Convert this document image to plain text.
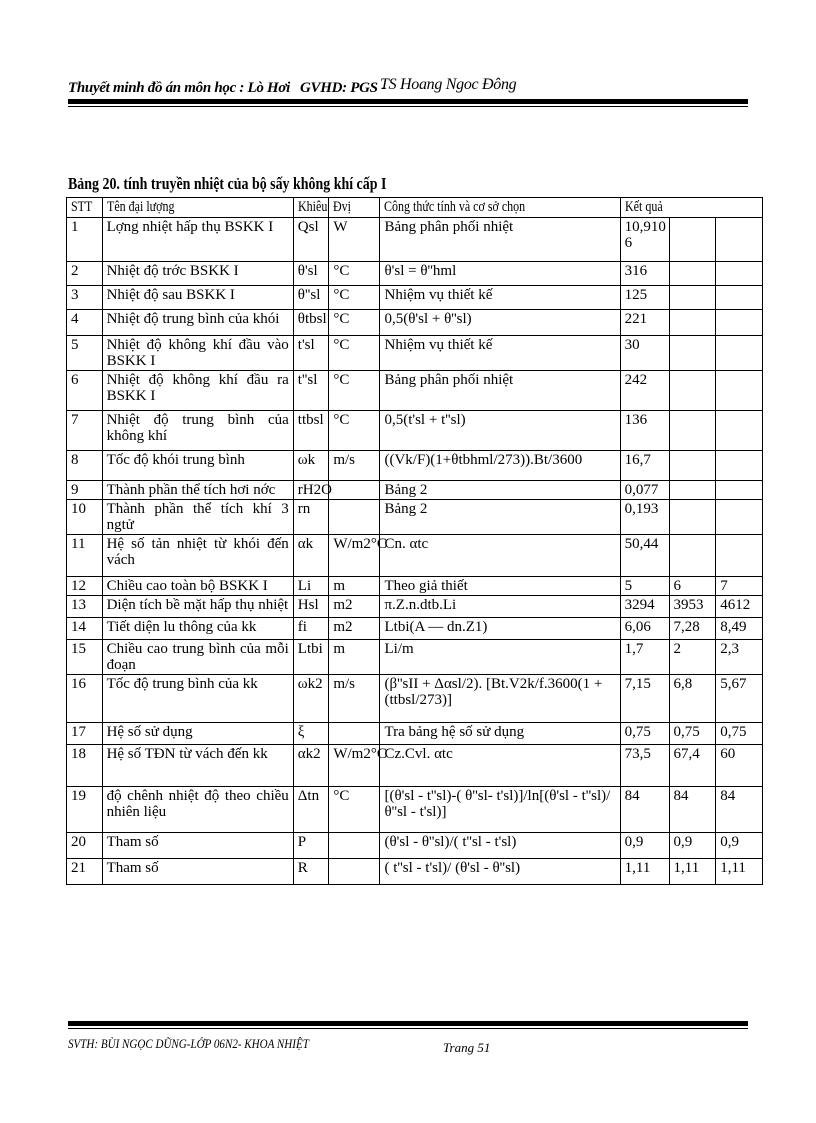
Thuyết minh đồ án môn học : Lò Hơi GVHD: PGS -
TS Hoang Ngoc Đông
Bảng 20. tính truyền nhiệt của bộ sấy không khí cấp I
STT	Tên đại lượng	Khiêu	Đvị	Công thức tính và cơ sở chọn	Kết quả		
1	Lợng nhiệt hấp thụ BSKK I	Qsl	W	Bảng phân phối nhiệt	10,910 6		
2	Nhiệt độ trớc BSKK I	θ'sl	°C	θ'sl = θ''hml	316		
3	Nhiệt độ sau BSKK I	θ''sl	°C	Nhiệm vụ thiết kế	125		
4	Nhiệt độ trung bình của khói	θtbsl	°C	0,5(θ'sl + θ''sl)	221		
5	Nhiệt độ không khí đầu vào BSKK I	t'sl	°C	Nhiệm vụ thiết kế	30		
6	Nhiệt độ không khí đầu ra BSKK I	t''sl	°C	Bảng phân phối nhiệt	242		
7	Nhiệt độ trung bình của không khí	ttbsl	°C	0,5(t'sl + t''sl)	136		
8	Tốc độ khói trung bình	ωk	m/s	((Vk/F)(1+θtbhml/273)).Bt/3600	16,7		
9	Thành phần thể tích hơi nớc	rH2O		Bảng 2	0,077		
10	Thành phần thể tích khí 3 ngtử	rn		Bảng 2	0,193		
11	Hệ số tản nhiệt từ khói đến vách	αk	W/m2°C	Cn. αtc	50,44		
12	Chiều cao toàn bộ BSKK I	Li	m	Theo giả thiết	5	6	7
13	Diện tích bề mặt hấp thụ nhiệt	Hsl	m2	π.Z.n.dtb.Li	3294	3953	4612
14	Tiết diện lu thông của kk	fi	m2	Ltbi(A — dn.Z1)	6,06	7,28	8,49
15	Chiều cao trung bình của mỗi đoạn	Ltbi	m	Li/m	1,7	2	2,3
16	Tốc độ trung bình của kk	ωk2	m/s	(β''sII + Δαsl/2). [Bt.V2k/f.3600(1 + (ttbsl/273)]	7,15	6,8	5,67
17	Hệ số sử dụng	ξ		Tra bảng hệ số sử dụng	0,75	0,75	0,75
18	Hệ số TĐN từ vách đến kk	αk2	W/m2°C	Cz.Cvl. αtc	73,5	67,4	60
19	độ chênh nhiệt độ theo chiều nhiên liệu	Δtn	°C	[(θ'sl - t''sl)-( θ''sl- t'sl)]/ln[(θ'sl - t''sl)/ θ''sl - t'sl)]	84	84	84
20	Tham số	P		(θ'sl - θ''sl)/( t''sl - t'sl)	0,9	0,9	0,9
21	Tham số	R		( t''sl - t'sl)/ (θ'sl - θ''sl)	1,11	1,11	1,11
SVTH: BÙI NGỌC DŨNG-LỚP 06N2- KHOA NHIỆT	Trang 51
